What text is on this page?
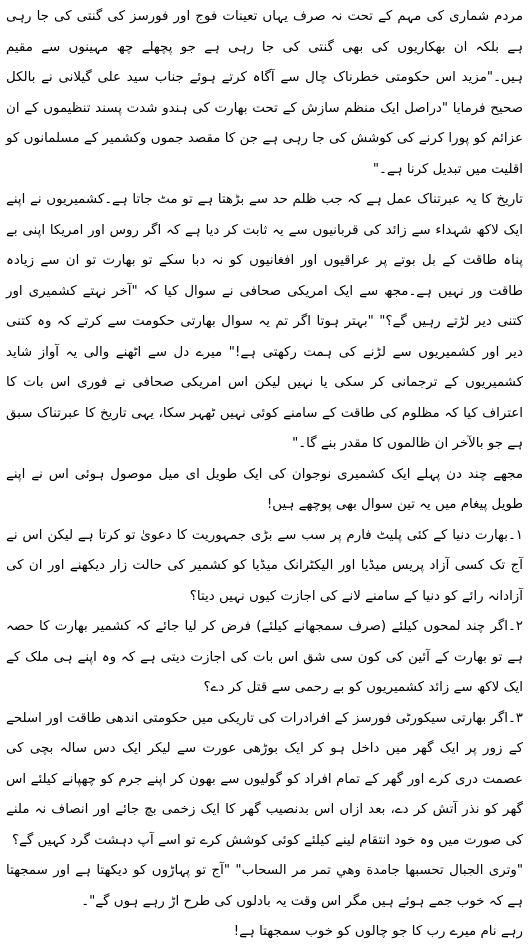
مردم شماری کی مہم کے تحت نہ صرف یہاں تعینات فوج اور فورسز کی گنتی کی جا رہی ہے بلکہ ان بھکاریوں کی بھی گنتی کی جا رہی ہے جو پچھلے چھ مہینوں سے مقیم ہیں۔"مزید اس حکومتی خطرناک چال سے آگاہ کرتے ہوئے جناب سید علی گیلانی نے بالکل صحیح فرمایا "دراصل ایک منظم سازش کے تحت بھارت کی ہندو شدت پسند تنظیموں کے ان عزائم کو پورا کرنے کی کوشش کی جا رہی ہے جن کا مقصد جموں وکشمیر کے مسلمانوں کو اقلیت میں تبدیل کرنا ہے۔"

تاریخ کا یہ عبرتناک عمل ہے کہ جب ظلم حد سے بڑھتا ہے تو مٹ جاتا ہے۔کشمیریوں نے اپنے ایک لاکھ شہداء سے زائد کی قربانیوں سے یہ ثابت کر دیا ہے کہ اگر روس اور امریکا اپنی بے پناہ طاقت کے بل بوتے پر عراقیوں اور افغانیوں کو نہ دبا سکے تو بھارت تو ان سے زیادہ طاقت ور نہیں ہے۔مجھ سے ایک امریکی صحافی نے سوال کیا کہ "آخر نہتے کشمیری اور کتنی دیر لڑتے رہیں گے؟" "بہتر ہوتا اگر تم یہ سوال بھارتی حکومت سے کرتے کہ وہ کتنی دیر اور کشمیریوں سے لڑنے کی ہمت رکھتی ہے!" میرے دل سے اٹھنے والی یہ آواز شاید کشمیریوں کے ترجمانی کر سکی یا نہیں لیکن اس امریکی صحافی نے فوری اس بات کا اعتراف کیا کہ مظلوم کی طاقت کے سامنے کوئی نہیں ٹھہر سکا، یہی تاریخ کا عبرتناک سبق ہے جو بالآخر ان ظالموں کا مقدر بنے گا۔"

مجھے چند دن پہلے ایک کشمیری نوجوان کی ایک طویل ای میل موصول ہوئی اس نے اپنے طویل پیغام میں یہ تین سوال بھی پوچھے ہیں!

۱۔بھارت دنیا کے کئی پلیٹ فارم پر سب سے بڑی جمہوریت کا دعویٰ تو کرتا ہے لیکن اس نے آج تک کسی آزاد پریس میڈیا اور الیکٹرانک میڈیا کو کشمیر کی حالت زار دیکھنے اور ان کی آزادانہ رائے کو دنیا کے سامنے لانے کی اجازت کیوں نہیں دیتا؟

۲۔اگر چند لمحوں کیلئے (صرف سمجھانے کیلئے) فرض کر لیا جائے کہ کشمیر بھارت کا حصہ ہے تو بھارت کے آئین کی کون سی شق اس بات کی اجازت دیتی ہے کہ وہ اپنے ہی ملک کے ایک لاکھ سے زائد کشمیریوں کو بے رحمی سے قتل کر دے؟

۳۔اگر بھارتی سیکورٹی فورسز کے افرادرات کی تاریکی میں حکومتی اندھی طاقت اور اسلحے کے زور پر ایک گھر میں داخل ہو کر ایک بوڑھی عورت سے لیکر ایک دس سالہ بچی کی عصمت دری کرے اور گھر کے تمام افراد کو گولیوں سے بھون کر اپنے جرم کو چھپانے کیلئے اس گھر کو نذر آتش کر دے، بعد ازاں اس بدنصیب گھر کا ایک زخمی بچ جائے اور انصاف نہ ملنے کی صورت میں وہ خود انتقام لینے کیلئے کوئی کوشش کرے تو اسے آپ دہشت گرد کہیں گے؟

"وتری الجبال تحسبها جامدة وهي تمر مر السحاب" "آج تو پہاڑوں کو دیکھتا ہے اور سمجھتا ہے کہ خوب جمے ہوئے ہیں مگر اس وقت یہ بادلوں کی طرح اڑ رہے ہوں گے"۔

رہے نام میرے رب کا جو چالوں کو خوب سمجھتا ہے!
